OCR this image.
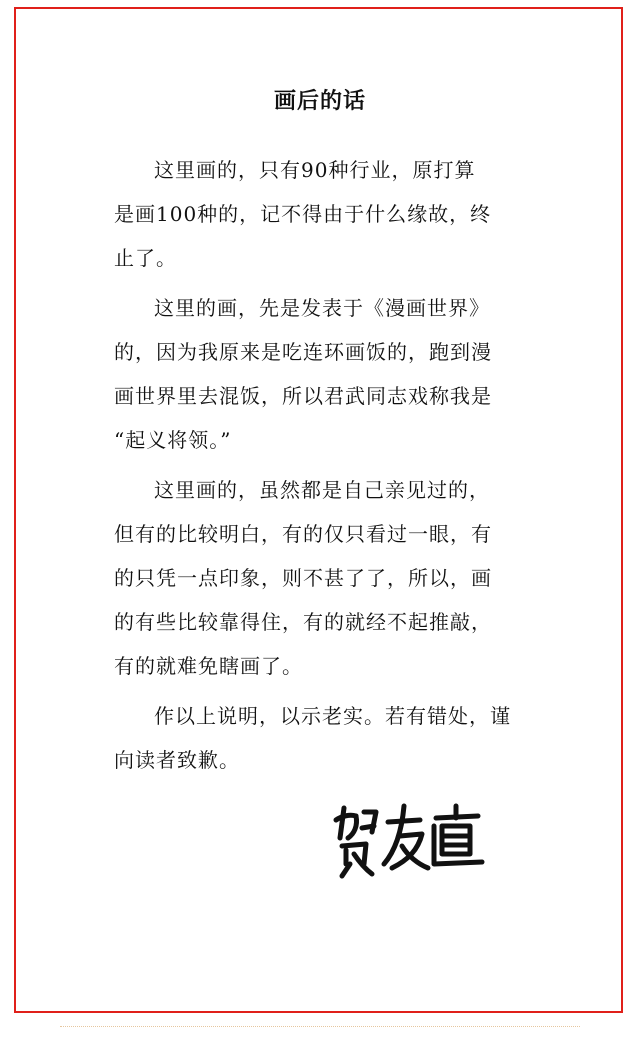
画后的话
这里画的，只有90种行业，原打算
是画100种的，记不得由于什么缘故，终
止了。
这里的画，先是发表于《漫画世界》
的，因为我原来是吃连环画饭的，跑到漫
画世界里去混饭，所以君武同志戏称我是
“起义将领。”
这里画的，虽然都是自己亲见过的，
但有的比较明白，有的仅只看过一眼，有
的只凭一点印象，则不甚了了，所以，画
的有些比较靠得住，有的就经不起推敲，
有的就难免瞎画了。
作以上说明，以示老实。若有错处，谨
向读者致歉。
